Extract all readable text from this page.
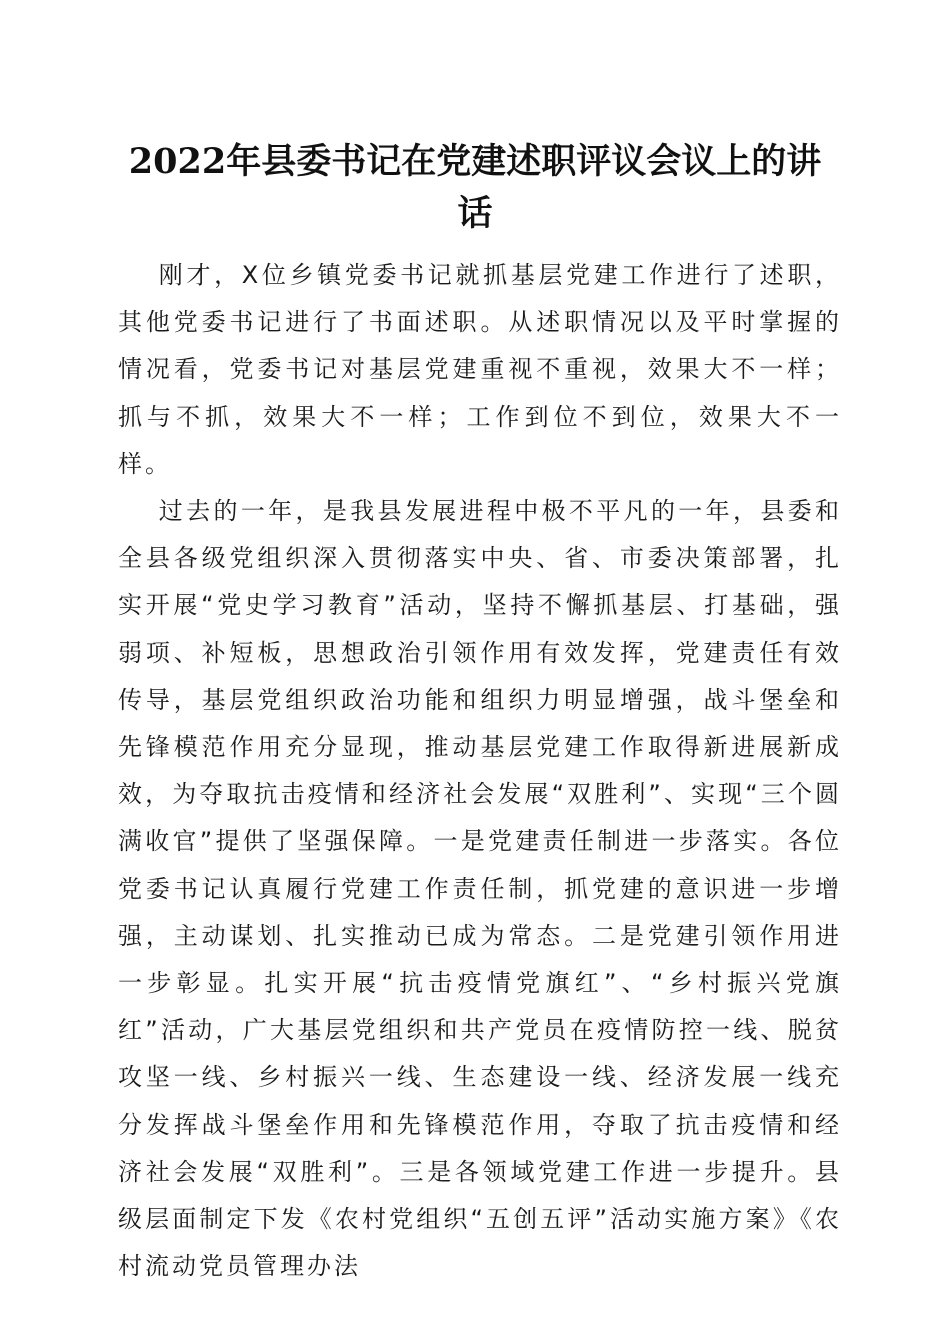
2022年县委书记在党建述职评议会议上的讲话

刚才，X位乡镇党委书记就抓基层党建工作进行了述职，其他党委书记进行了书面述职。从述职情况以及平时掌握的情况看，党委书记对基层党建重视不重视，效果大不一样；抓与不抓，效果大不一样；工作到位不到位，效果大不一样。

过去的一年，是我县发展进程中极不平凡的一年，县委和全县各级党组织深入贯彻落实中央、省、市委决策部署，扎实开展“党史学习教育”活动，坚持不懈抓基层、打基础，强弱项、补短板，思想政治引领作用有效发挥，党建责任有效传导，基层党组织政治功能和组织力明显增强，战斗堡垒和先锋模范作用充分显现，推动基层党建工作取得新进展新成效，为夺取抗击疫情和经济社会发展“双胜利”、实现“三个圆满收官”提供了坚强保障。一是党建责任制进一步落实。各位党委书记认真履行党建工作责任制，抓党建的意识进一步增强，主动谋划、扎实推动已成为常态。二是党建引领作用进一步彰显。扎实开展“抗击疫情党旗红”、“乡村振兴党旗红”活动，广大基层党组织和共产党员在疫情防控一线、脱贫攻坚一线、乡村振兴一线、生态建设一线、经济发展一线充分发挥战斗堡垒作用和先锋模范作用，夺取了抗击疫情和经济社会发展“双胜利”。三是各领域党建工作进一步提升。县级层面制定下发《农村党组织“五创五评”活动实施方案》《农村流动党员管理办法
